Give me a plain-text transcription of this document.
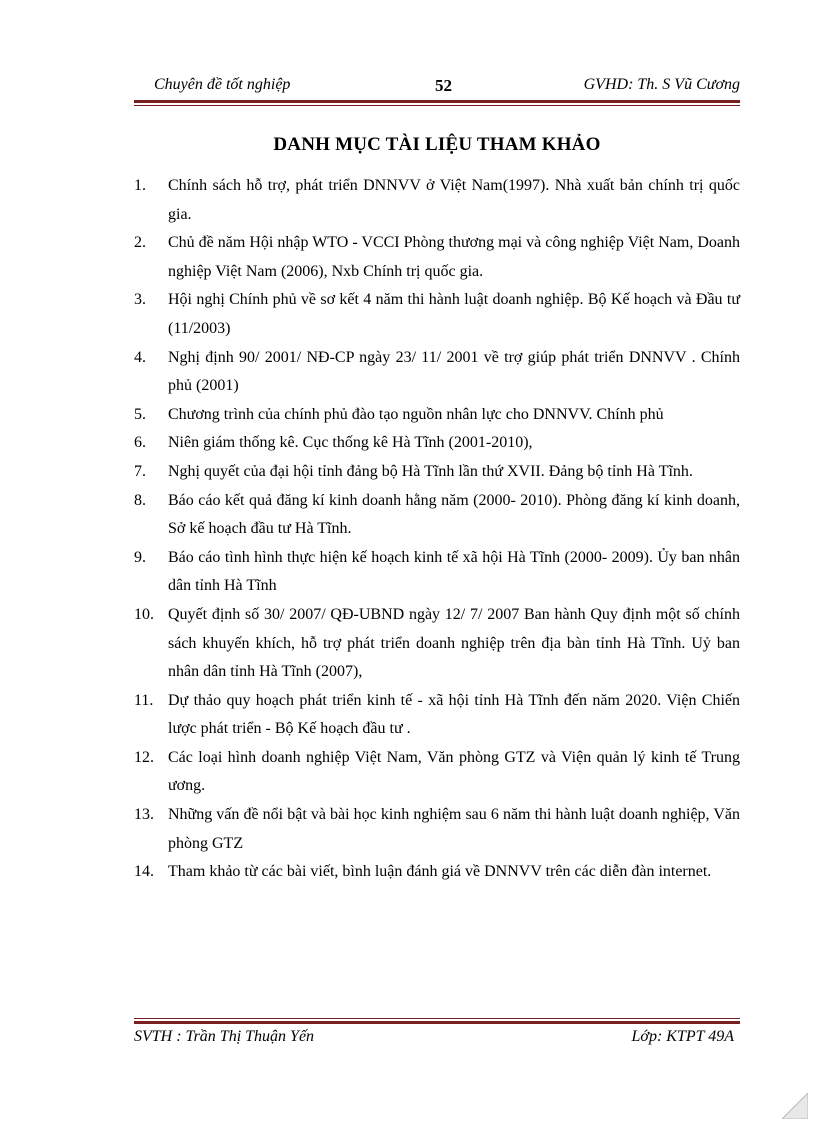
Chuyên đề tốt nghiệp	52	GVHD: Th. S Vũ Cương
DANH MỤC TÀI LIỆU THAM KHẢO
1. Chính sách hỗ trợ, phát triển DNNVV ở Việt Nam(1997). Nhà xuất bản chính trị quốc gia.
2. Chủ đề năm Hội nhập WTO - VCCI Phòng thương mại và công nghiệp Việt Nam, Doanh nghiệp Việt Nam (2006), Nxb Chính trị quốc gia.
3. Hội nghị Chính phủ về sơ kết 4 năm thi hành luật doanh nghiệp. Bộ Kế hoạch và Đầu tư (11/2003)
4. Nghị định 90/ 2001/ NĐ-CP ngày 23/ 11/ 2001 về trợ giúp phát triển DNNVV . Chính phủ (2001)
5. Chương trình của chính phủ đào tạo nguồn nhân lực cho DNNVV. Chính phủ
6. Niên giám thống kê. Cục thống kê Hà Tĩnh (2001-2010),
7. Nghị quyết của đại hội tỉnh đảng bộ Hà Tĩnh lần thứ XVII. Đảng bộ tỉnh Hà Tĩnh.
8. Báo cáo kết quả đăng kí kinh doanh hằng năm (2000- 2010). Phòng đăng kí kinh doanh, Sở kế hoạch đầu tư Hà Tĩnh.
9. Báo cáo tình hình thực hiện kế hoạch kinh tế xã hội Hà Tĩnh (2000- 2009). Ủy ban nhân dân tỉnh Hà Tĩnh
10. Quyết định số 30/ 2007/ QĐ-UBND ngày 12/ 7/ 2007 Ban hành Quy định một số chính sách khuyến khích, hỗ trợ phát triển doanh nghiệp trên địa bàn tỉnh Hà Tĩnh. Uỷ ban nhân dân tỉnh Hà Tĩnh (2007),
11. Dự thảo quy hoạch phát triển kinh tế - xã hội tỉnh Hà Tĩnh đến năm 2020. Viện Chiến lược phát triển - Bộ Kế hoạch đầu tư .
12. Các loại hình doanh nghiệp Việt Nam, Văn phòng GTZ và Viện quản lý kinh tế Trung ương.
13. Những vấn đề nổi bật và bài học kinh nghiệm sau 6 năm thi hành luật doanh nghiệp, Văn phòng GTZ
14. Tham khảo từ các bài viết, bình luận đánh giá về DNNVV trên các diễn đàn internet.
SVTH : Trần Thị Thuận Yến	Lớp: KTPT 49A
